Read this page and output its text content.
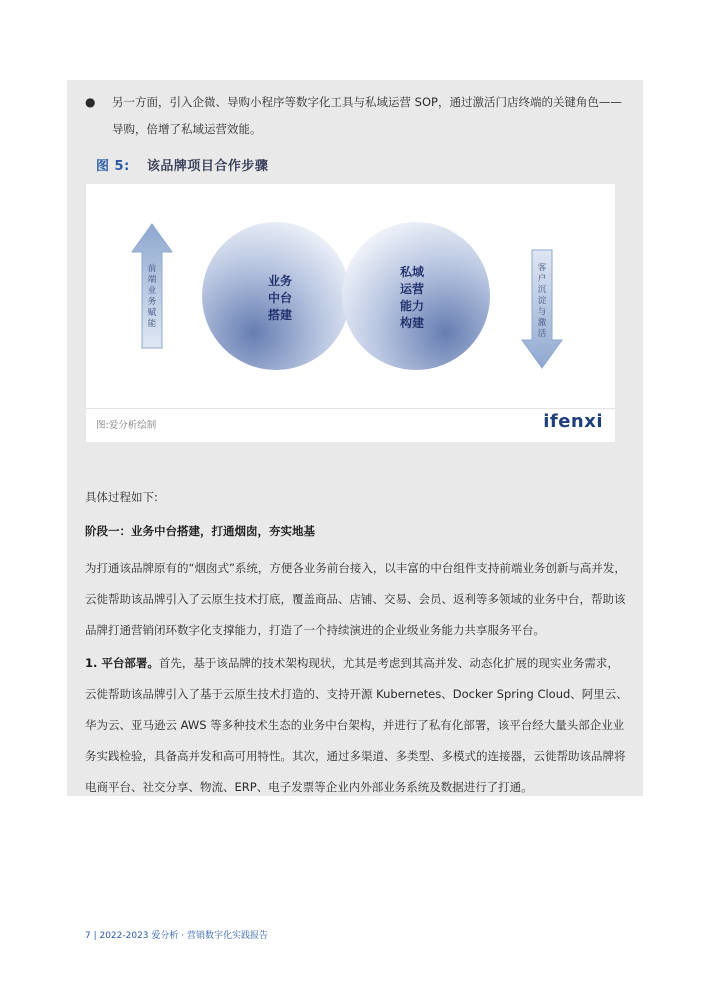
●	另一方面，引入企微、导购小程序等数字化工具与私域运营 SOP，通过激活门店终端的关键角色——导购，倍增了私域运营效能。
图 5: 该品牌项目合作步骤
前
端
业
务
赋
能
客
户
沉
淀
与
激
活
业务
中台
搭建
私域
运营
能力
构建
图:爱分析绘制	ifenxi
具体过程如下:
阶段一：业务中台搭建，打通烟囱，夯实地基
为打通该品牌原有的“烟囱式”系统，方便各业务前台接入，以丰富的中台组件支持前端业务创新与高并发，云徙帮助该品牌引入了云原生技术打底，覆盖商品、店铺、交易、会员、返利等多领域的业务中台，帮助该品牌打通营销闭环数字化支撑能力，打造了一个持续演进的企业级业务能力共享服务平台。
1. 平台部署。首先，基于该品牌的技术架构现状，尤其是考虑到其高并发、动态化扩展的现实业务需求，云徙帮助该品牌引入了基于云原生技术打造的、支持开源 Kubernetes、Docker Spring Cloud、阿里云、华为云、亚马逊云 AWS 等多种技术生态的业务中台架构，并进行了私有化部署，该平台经大量头部企业业务实践检验，具备高并发和高可用特性。其次，通过多渠道、多类型、多模式的连接器，云徙帮助该品牌将电商平台、社交分享、物流、ERP、电子发票等企业内外部业务系统及数据进行了打通。
7 | 2022-2023 爱分析 · 营销数字化实践报告
